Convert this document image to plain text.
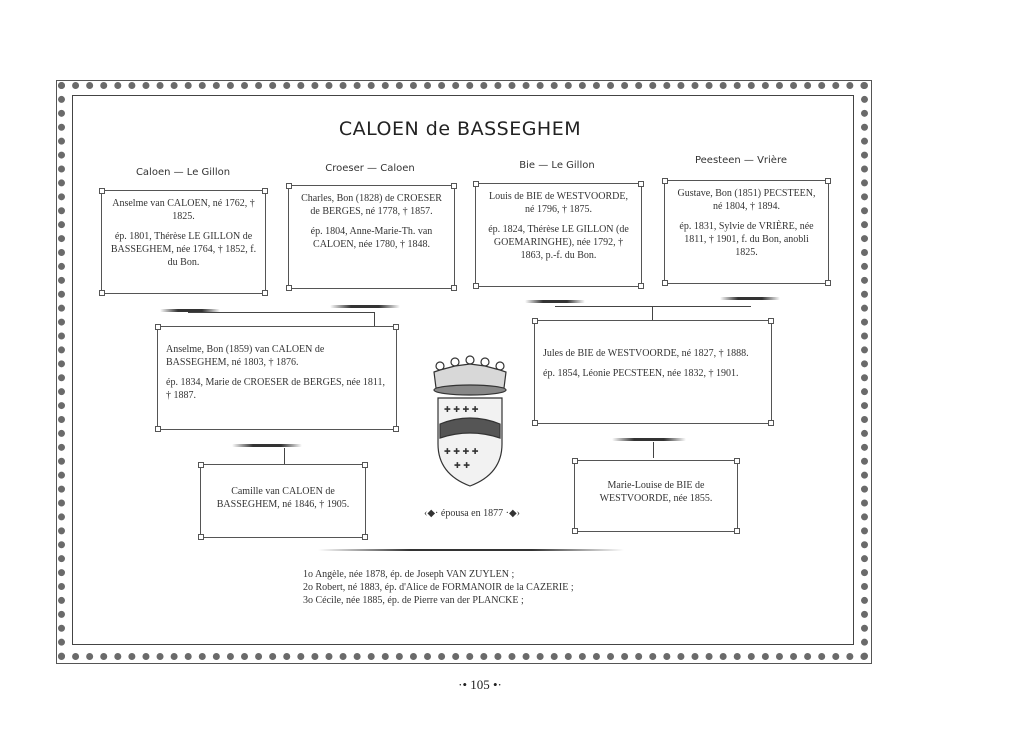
CALOEN de BASSEGHEM
Caloen — Le Gillon	Croeser — Caloen	Bie — Le Gillon	Peesteen — Vrière

Anselme van CALOEN, né 1762, † 1825.

ép. 1801, Thérèse LE GILLON de BASSEGHEM, née 1764, † 1852, f. du Bon.

Charles, Bon (1828) de CROESER de BERGES, né 1778, † 1857.

ép. 1804, Anne-Marie-Th. van CALOEN, née 1780, † 1848.

Louis de BIE de WESTVOORDE, né 1796, † 1875.

ép. 1824, Thérèse LE GILLON (de GOEMARINGHE), née 1792, † 1863, p.-f. du Bon.

Gustave, Bon (1851) PECSTEEN, né 1804, † 1894.

ép. 1831, Sylvie de VRIÈRE, née 1811, † 1901, f. du Bon, anobli 1825.

Anselme, Bon (1859) van CALOEN de BASSEGHEM, né 1803, † 1876.

ép. 1834, Marie de CROESER de BERGES, née 1811, † 1887.

Jules de BIE de WESTVOORDE, né 1827, † 1888.

ép. 1854, Léonie PECSTEEN, née 1832, † 1901.

✚ ✚ ✚ ✚
✚ ✚ ✚ ✚
✚ ✚

Camille van CALOEN de BASSEGHEM, né 1846, † 1905.

Marie-Louise de BIE de WESTVOORDE, née 1855.

‹◆· épousa en 1877 ·◆›
1o Angèle, née 1878, ép. de Joseph VAN ZUYLEN ;
2o Robert, né 1883, ép. d'Alice de FORMANOIR de la CAZERIE ;
3o Cécile, née 1885, ép. de Pierre van der PLANCKE ;
·• 105 •·
